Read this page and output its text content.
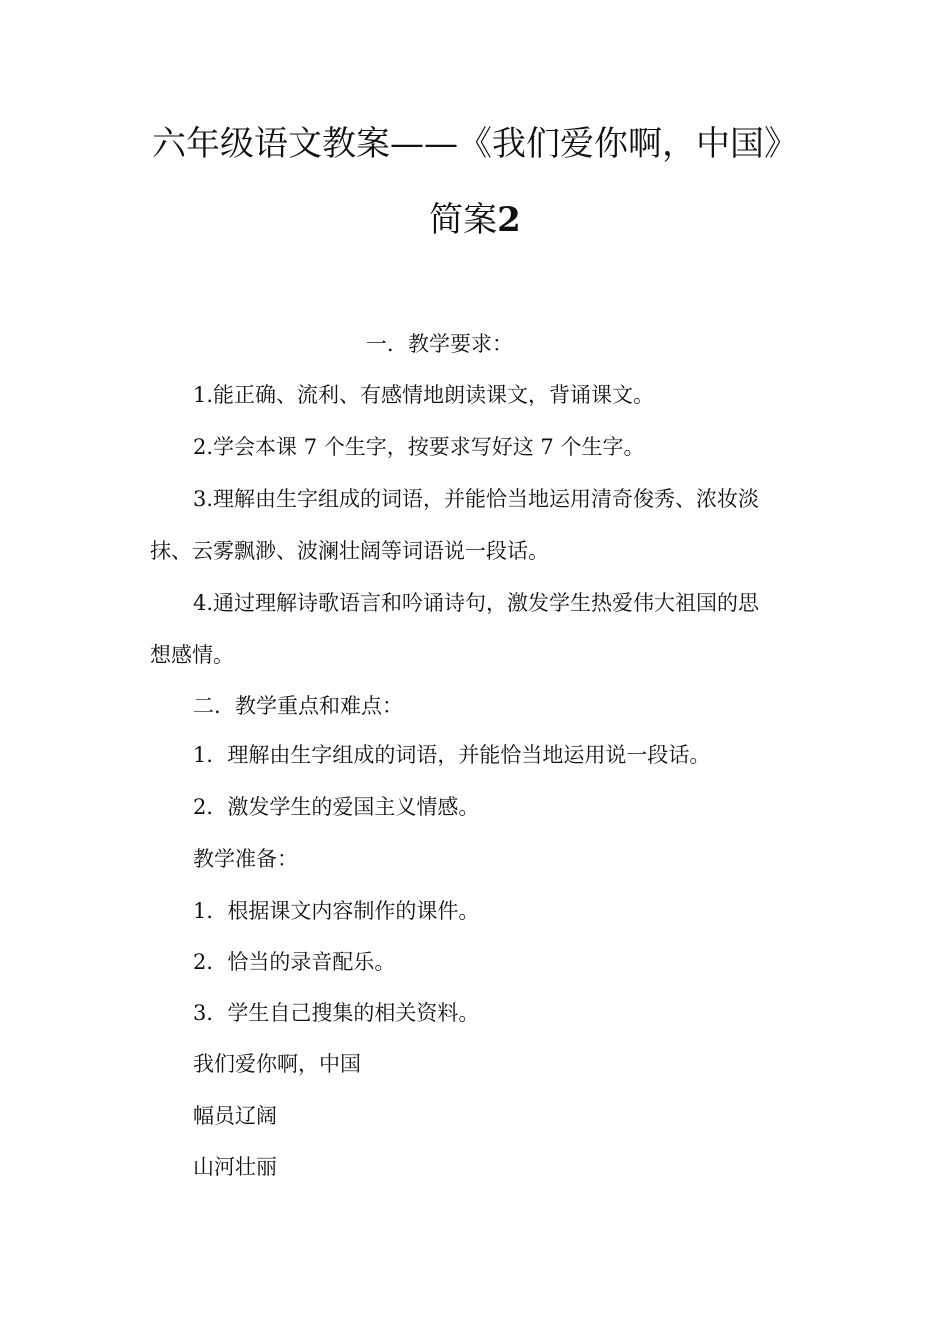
六年级语文教案——《我们爱你啊，中国》
简案2
一．教学要求：
1.能正确、流利、有感情地朗读课文，背诵课文。
2.学会本课 7 个生字，按要求写好这 7 个生字。
3.理解由生字组成的词语，并能恰当地运用清奇俊秀、浓妆淡
抹、云雾飘渺、波澜壮阔等词语说一段话。
4.通过理解诗歌语言和吟诵诗句，激发学生热爱伟大祖国的思
想感情。
二．教学重点和难点：
1．理解由生字组成的词语，并能恰当地运用说一段话。
2．激发学生的爱国主义情感。
教学准备：
1．根据课文内容制作的课件。
2．恰当的录音配乐。
3．学生自己搜集的相关资料。
我们爱你啊，中国
幅员辽阔
山河壮丽
